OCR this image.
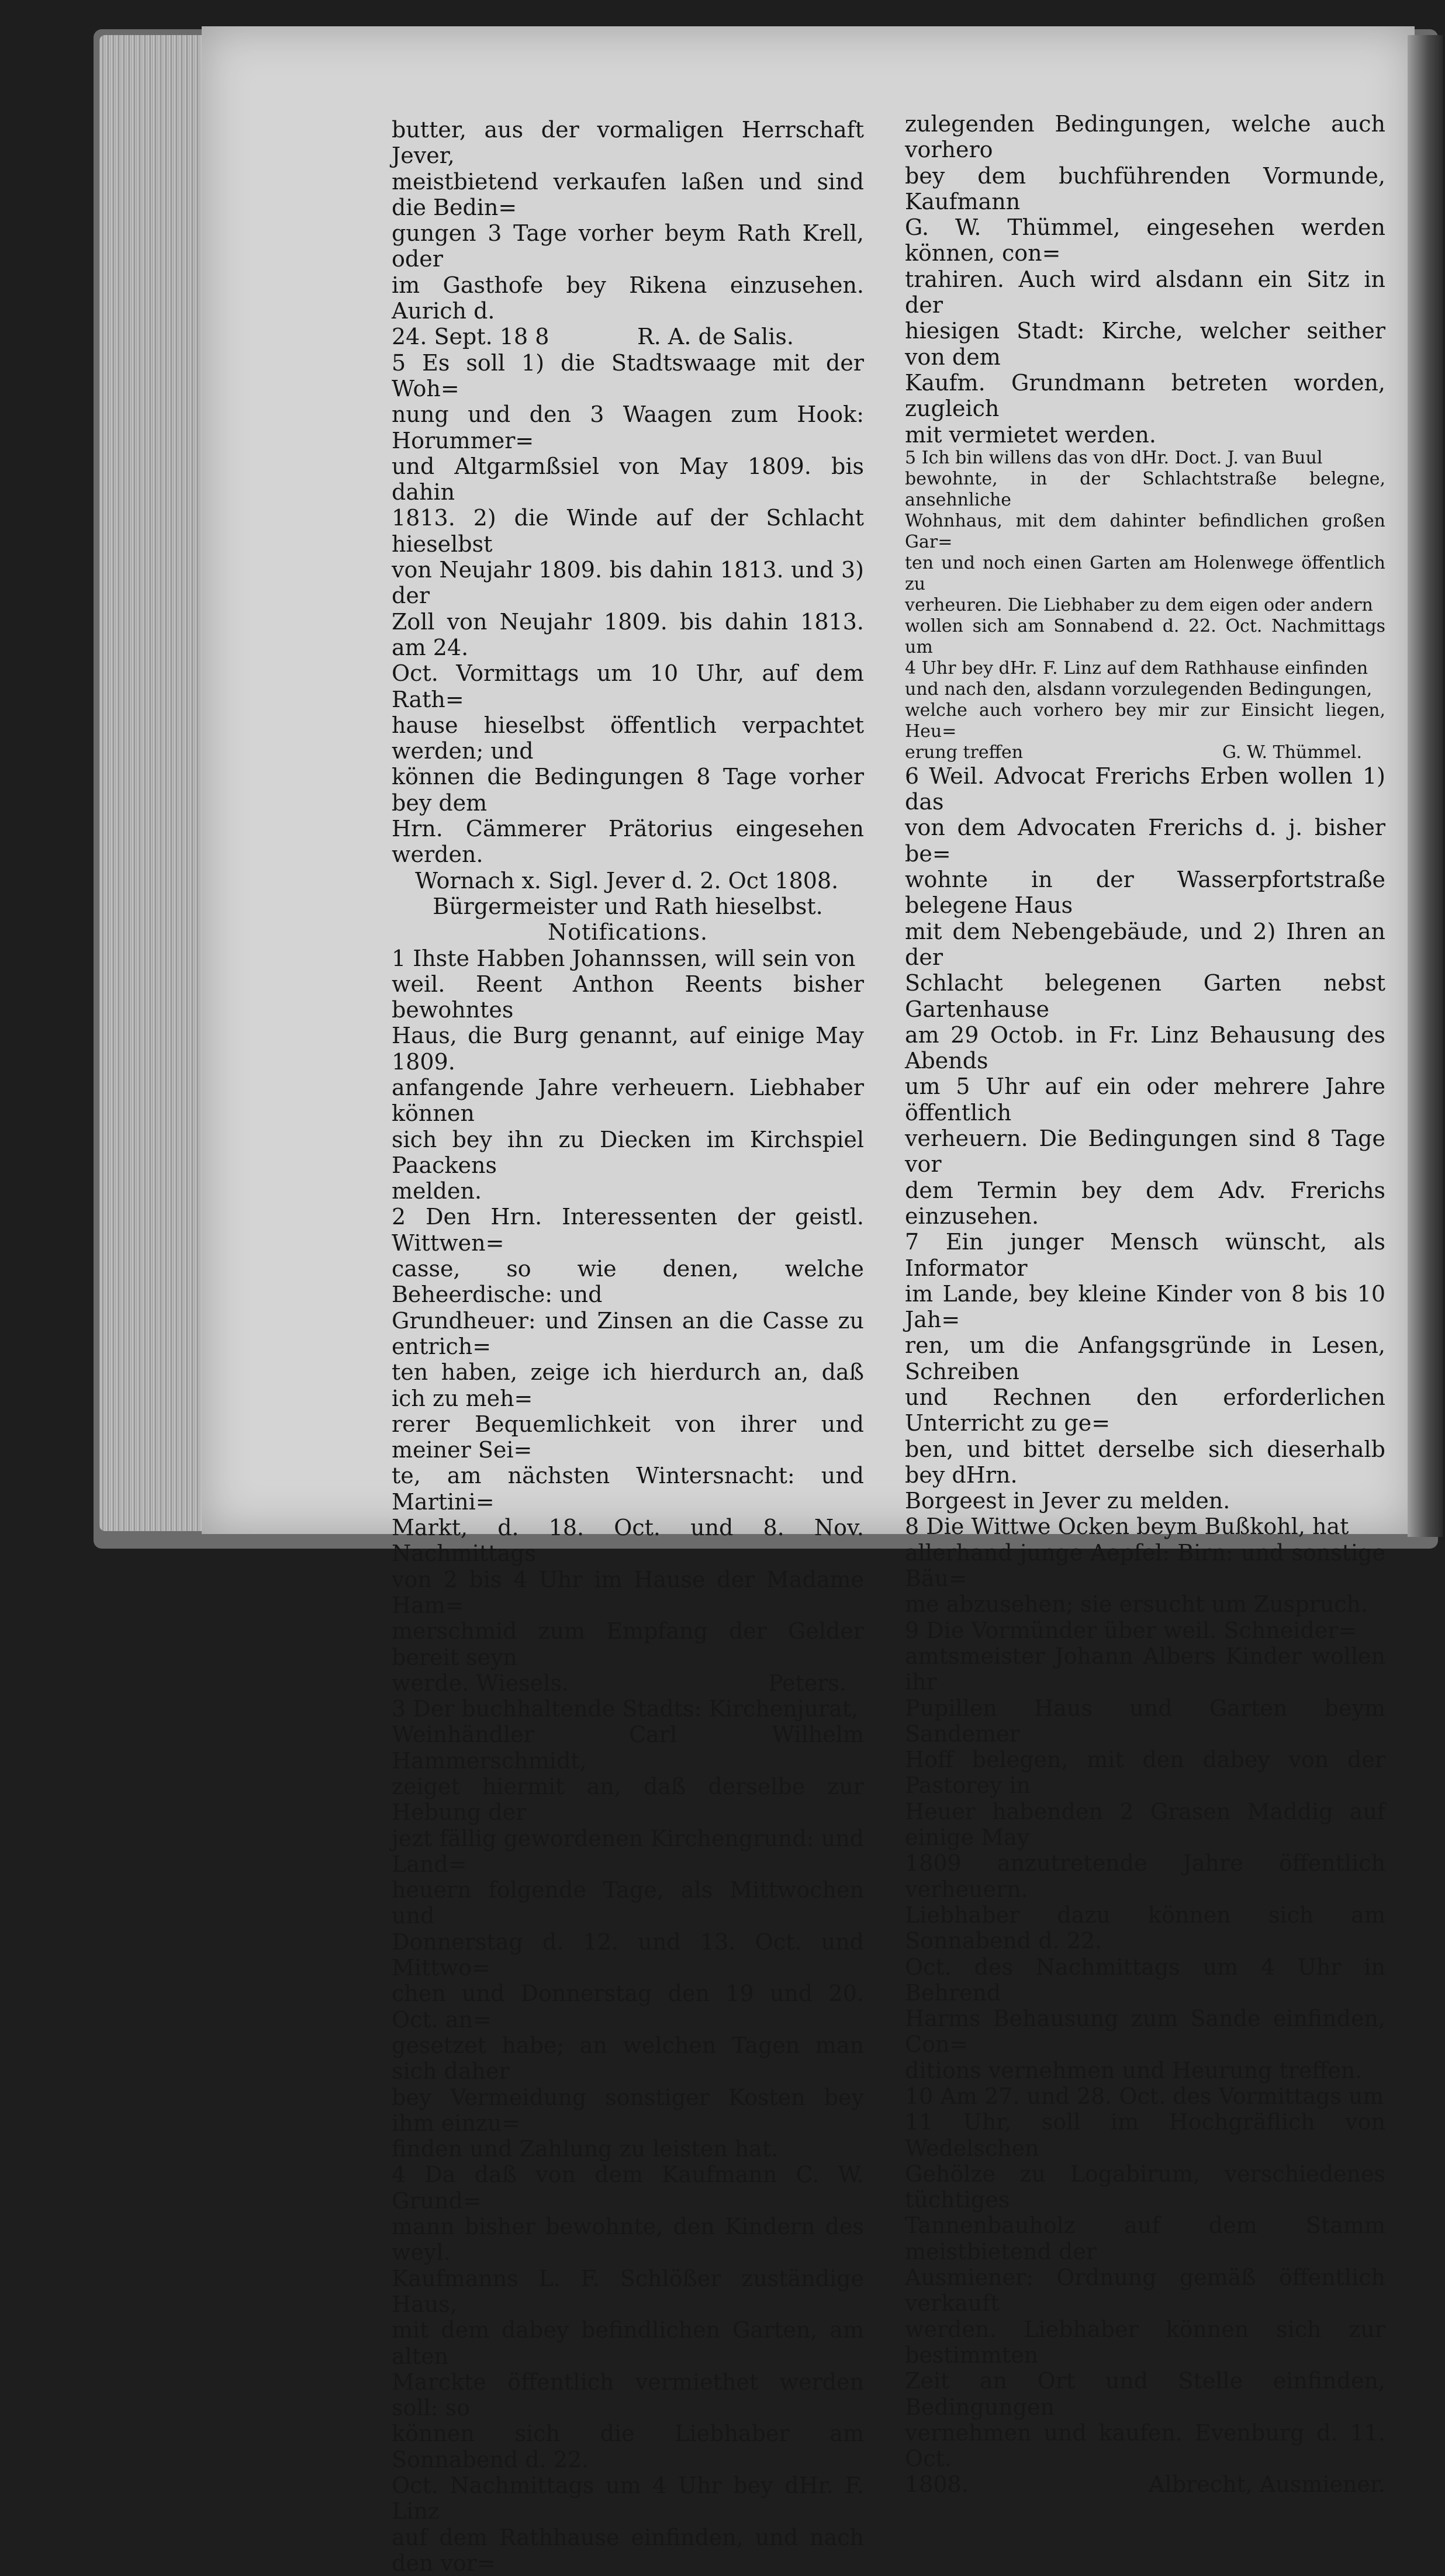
butter, aus der vormaligen Herrschaft Jever,

meistbietend verkaufen laßen und sind die Bedin=

gungen 3 Tage vorher beym Rath Krell, oder

im Gasthofe bey Rikena einzusehen. Aurich d.

24. Sept. 18 8	R. A. de Salis.

5 Es soll 1) die Stadtswaage mit der Woh=

nung und den 3 Waagen zum Hook: Horummer=

und Altgarmßsiel von May 1809. bis dahin

1813. 2) die Winde auf der Schlacht hieselbst

von Neujahr 1809. bis dahin 1813. und 3) der

Zoll von Neujahr 1809. bis dahin 1813. am 24.

Oct. Vormittags um 10 Uhr, auf dem Rath=

hause hieselbst öffentlich verpachtet werden; und

können die Bedingungen 8 Tage vorher bey dem

Hrn. Cämmerer Prätorius eingesehen werden.

Wornach x. Sigl. Jever d. 2. Oct 1808.

Bürgermeister und Rath hieselbst.

Notifications.

1 Ihste Habben Johannssen, will sein von

weil. Reent Anthon Reents bisher bewohntes

Haus, die Burg genannt, auf einige May 1809.

anfangende Jahre verheuern. Liebhaber können

sich bey ihn zu Diecken im Kirchspiel Paackens

melden.

2 Den Hrn. Interessenten der geistl. Wittwen=

casse, so wie denen, welche Beheerdische: und

Grundheuer: und Zinsen an die Casse zu entrich=

ten haben, zeige ich hierdurch an, daß ich zu meh=

rerer Bequemlichkeit von ihrer und meiner Sei=

te, am nächsten Wintersnacht: und Martini=

Markt, d. 18. Oct. und 8. Nov. Nachmittags

von 2 bis 4 Uhr im Hause der Madame Ham=

merschmid zum Empfang der Gelder bereit seyn

werde. Wiesels.	Peters.

3 Der buchhaltende Stadts: Kirchenjurat,

Weinhändler Carl Wilhelm Hammerschmidt,

zeiget hiermit an, daß derselbe zur Hebung der

jezt fällig gewordenen Kirchengrund: und Land=

heuern folgende Tage, als Mittwochen und

Donnerstag d. 12. und 13. Oct. und Mittwo=

chen und Donnerstag den 19 und 20. Oct. an=

gesetzet habe; an welchen Tagen man sich daher

bey Vermeidung sonstiger Kosten bey ihm einzu=

finden und Zahlung zu leisten hat.

4 Da daß von dem Kaufmann C. W. Grund=

mann bisher bewohnte, den Kindern des weyl.

Kaufmanns L. F. Schlößer zuständige Haus,

mit dem dabey befindlichen Garten, am alten

Marckte öffentlich vermiethet werden soll: so

können sich die Liebhaber am Sonnabend d. 22.

Oct. Nachmittags um 4 Uhr bey dHr. F. Linz

auf dem Rathhause einfinden, und nach den vor=

zulegenden Bedingungen, welche auch vorhero

bey dem buchführenden Vormunde, Kaufmann

G. W. Thümmel, eingesehen werden können, con=

trahiren. Auch wird alsdann ein Sitz in der

hiesigen Stadt: Kirche, welcher seither von dem

Kaufm. Grundmann betreten worden, zugleich

mit vermietet werden.

5 Ich bin willens das von dHr. Doct. J. van Buul

bewohnte, in der Schlachtstraße belegne, ansehnliche

Wohnhaus, mit dem dahinter befindlichen großen Gar=

ten und noch einen Garten am Holenwege öffentlich zu

verheuren. Die Liebhaber zu dem eigen oder andern

wollen sich am Sonnabend d. 22. Oct. Nachmittags um

4 Uhr bey dHr. F. Linz auf dem Rathhause einfinden

und nach den, alsdann vorzulegenden Bedingungen,

welche auch vorhero bey mir zur Einsicht liegen, Heu=

erung treffen	G. W. Thümmel.

6 Weil. Advocat Frerichs Erben wollen 1) das

von dem Advocaten Frerichs d. j. bisher be=

wohnte in der Wasserpfortstraße belegene Haus

mit dem Nebengebäude, und 2) Ihren an der

Schlacht belegenen Garten nebst Gartenhause

am 29 Octob. in Fr. Linz Behausung des Abends

um 5 Uhr auf ein oder mehrere Jahre öffentlich

verheuern. Die Bedingungen sind 8 Tage vor

dem Termin bey dem Adv. Frerichs einzusehen.

7 Ein junger Mensch wünscht, als Informator

im Lande, bey kleine Kinder von 8 bis 10 Jah=

ren, um die Anfangsgründe in Lesen, Schreiben

und Rechnen den erforderlichen Unterricht zu ge=

ben, und bittet derselbe sich dieserhalb bey dHrn.

Borgeest in Jever zu melden.

8 Die Wittwe Ocken beym Bußkohl, hat

allerhand junge Aepfel: Birn: und sonstige Bäu=

me abzusehen; sie ersucht um Zuspruch.

9 Die Vormünder über weil. Schneider=

amtsmeister Johann Albers Kinder wollen ihr

Pupillen Haus und Garten beym Sandemer

Hoff belegen, mit den dabey von der Pastorey in

Heuer habenden 2 Grasen Maddig auf einige May

1809 anzutretende Jahre öffentlich verheuern.

Liebhaber dazu können sich am Sonnabend d. 22.

Oct. des Nachmittags um 4 Uhr in Behrend

Harms Behausung zum Sande einfinden, Con=

ditions vernehmen und Heurung treffen.

10 Am 27. und 28. Oct. des Vormittags um

11 Uhr, soll im Hochgräflich von Wedelschen

Gehölze zu Logabirum, verschiedenes tüchtiges

Tannenbauholz auf dem Stamm meistbietend der

Ausmiener: Ordnung gemäß öffentlich verkauft

werden. Liebhaber können sich zur bestimmten

Zeit an Ort und Stelle einfinden, Bedingungen

vernehmen und kaufen. Evenburg d. 11. Oct.

1808.	Albrecht, Ausmiener.
